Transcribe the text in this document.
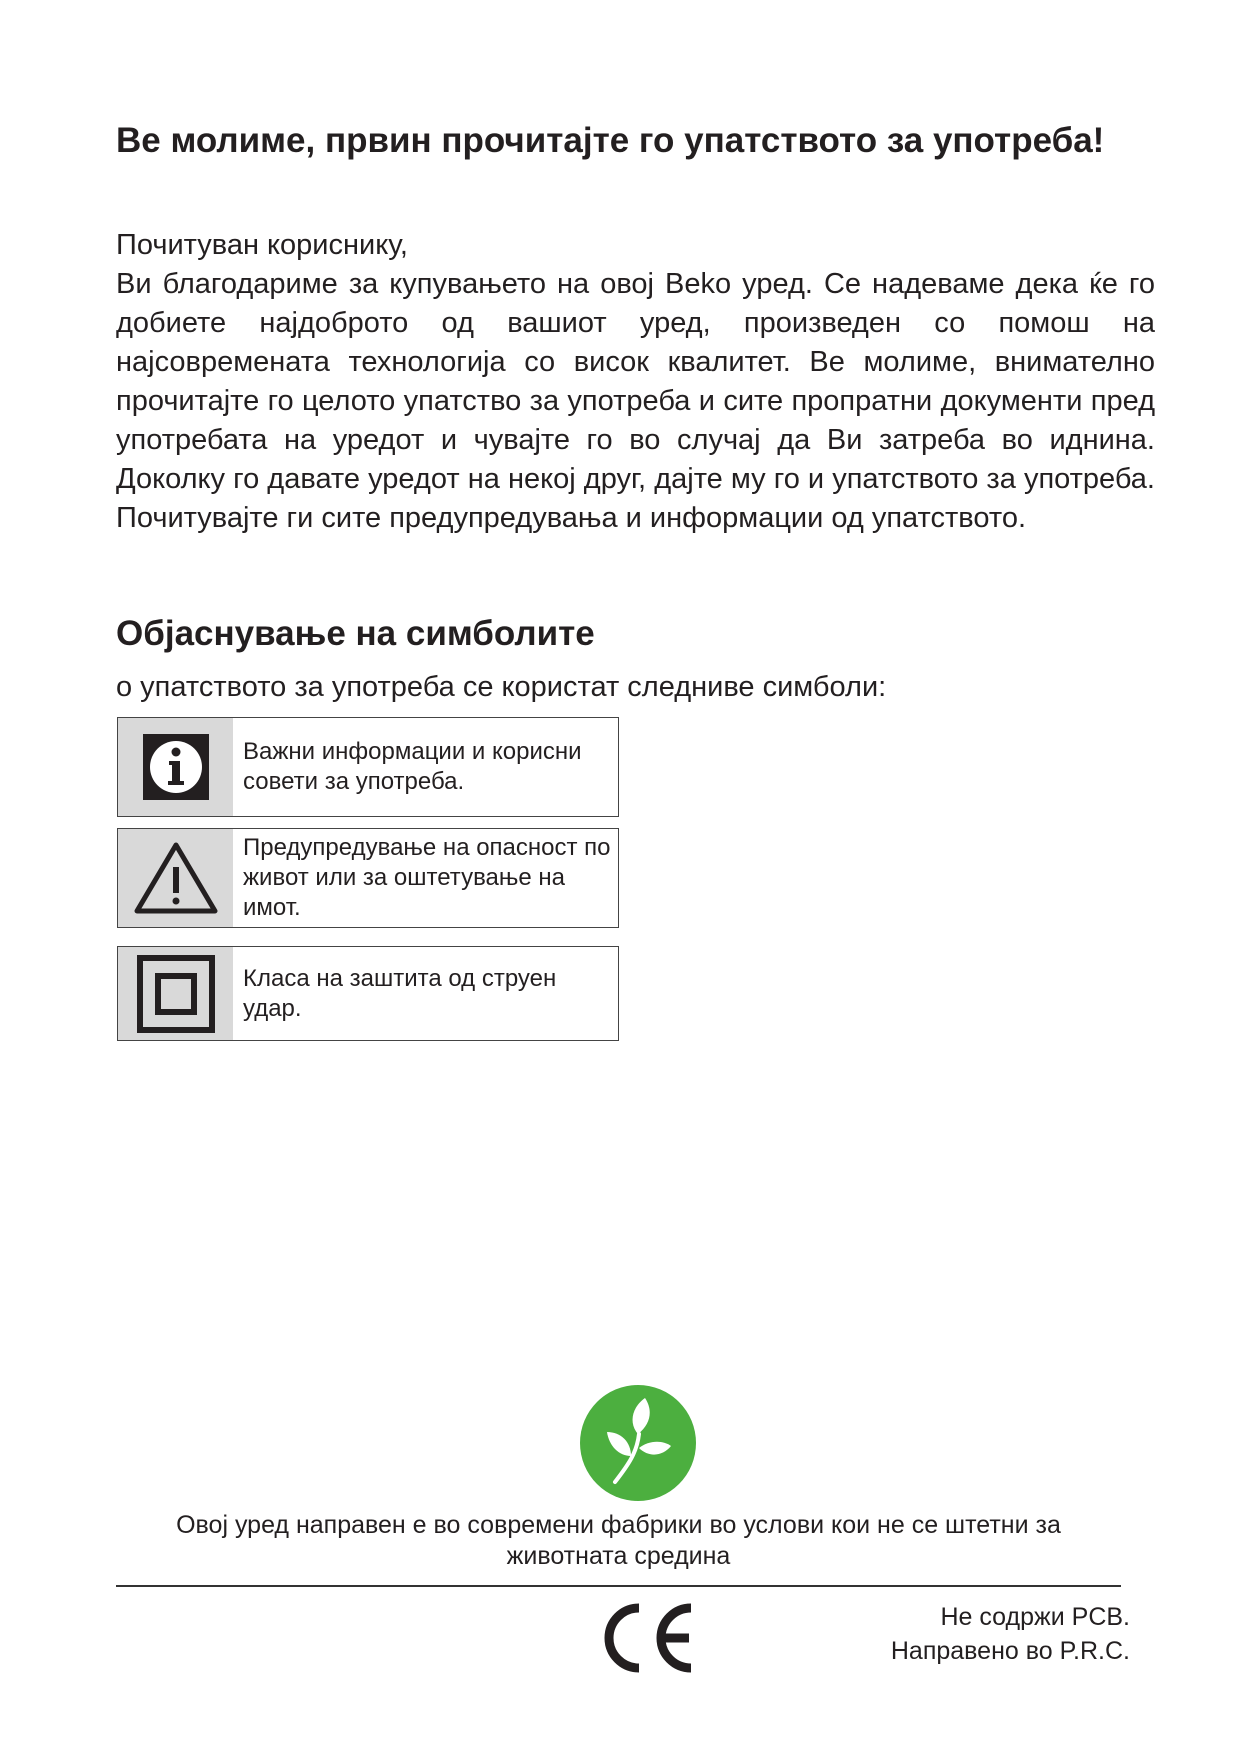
Ве молиме, првин прочитајте го упатството за употреба!

Почитуван кориснику,

Ви благодариме за купувањето на овој Beko уред. Се надеваме дека ќе го добиете најдоброто од вашиот уред, произведен со помош на најсовремената технологија со висок квалитет. Ве молиме, внимателно прочитајте го целото упатство за употреба и сите пропратни документи пред употребата на уредот и чувајте го во случај да Ви затреба во иднина. Доколку го давате уредот на некој друг, дајте му го и упатството за употреба. Почитувајте ги сите предупредувања и информации од упатството.

Објаснување на симболите

о упатството за употреба се користат следниве симболи:

Важни информации и корисни совети за употреба.
Предупредување на опасност по живот или за оштетување на имот.
Класа на заштита од струен удар.

Овој уред направен е во современи фабрики во услови кои не се штетни за животната средина

Не содржи PCB.
Направено во P.R.C.
